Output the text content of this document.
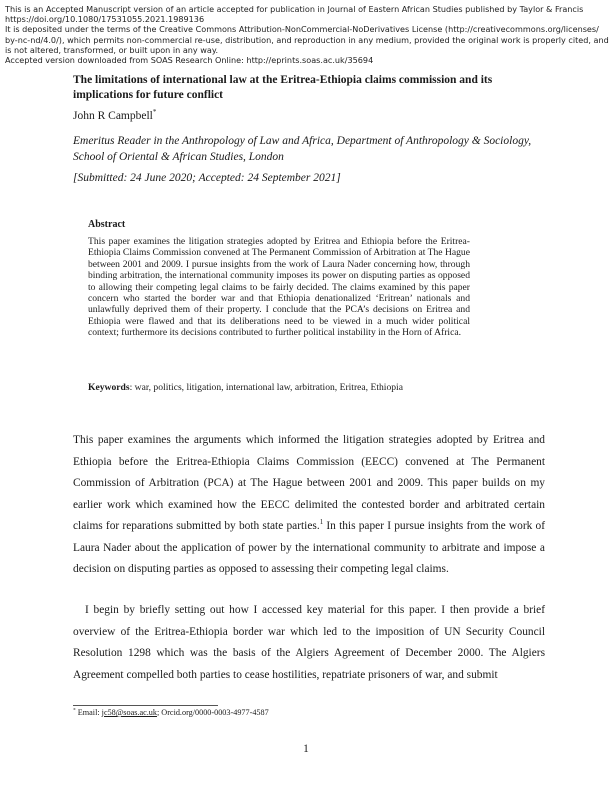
This is an Accepted Manuscript version of an article accepted for publication in Journal of Eastern African Studies published by Taylor & Francis
https://doi.org/10.1080/17531055.2021.1989136
It is deposited under the terms of the Creative Commons Attribution-NonCommercial-NoDerivatives License (http://creativecommons.org/licenses/
by-nc-nd/4.0/), which permits non-commercial re-use, distribution, and reproduction in any medium, provided the original work is properly cited, and
is not altered, transformed, or built upon in any way.
Accepted version downloaded from SOAS Research Online: http://eprints.soas.ac.uk/35694
The limitations of international law at the Eritrea-Ethiopia claims commission and its implications for future conflict
John R Campbell*
Emeritus Reader in the Anthropology of Law and Africa, Department of Anthropology & Sociology, School of Oriental & African Studies, London
[Submitted: 24 June 2020; Accepted: 24 September 2021]
Abstract
This paper examines the litigation strategies adopted by Eritrea and Ethiopia before the Eritrea-Ethiopia Claims Commission convened at The Permanent Commission of Arbitration at The Hague between 2001 and 2009. I pursue insights from the work of Laura Nader concerning how, through binding arbitration, the international community imposes its power on disputing parties as opposed to allowing their competing legal claims to be fairly decided. The claims examined by this paper concern who started the border war and that Ethiopia denationalized ‘Eritrean’ nationals and unlawfully deprived them of their property. I conclude that the PCA’s decisions on Eritrea and Ethiopia were flawed and that its deliberations need to be viewed in a much wider political context; furthermore its decisions contributed to further political instability in the Horn of Africa.
Keywords: war, politics, litigation, international law, arbitration, Eritrea, Ethiopia
This paper examines the arguments which informed the litigation strategies adopted by Eritrea and Ethiopia before the Eritrea-Ethiopia Claims Commission (EECC) convened at The Permanent Commission of Arbitration (PCA) at The Hague between 2001 and 2009. This paper builds on my earlier work which examined how the EECC delimited the contested border and arbitrated certain claims for reparations submitted by both state parties.$^1$ In this paper I pursue insights from the work of Laura Nader about the application of power by the international community to arbitrate and impose a decision on disputing parties as opposed to assessing their competing legal claims.
I begin by briefly setting out how I accessed key material for this paper. I then provide a brief overview of the Eritrea-Ethiopia border war which led to the imposition of UN Security Council Resolution 1298 which was the basis of the Algiers Agreement of December 2000. The Algiers Agreement compelled both parties to cease hostilities, repatriate prisoners of war, and submit
* Email: jc58@soas.ac.uk; Orcid.org/0000-0003-4977-4587
1
